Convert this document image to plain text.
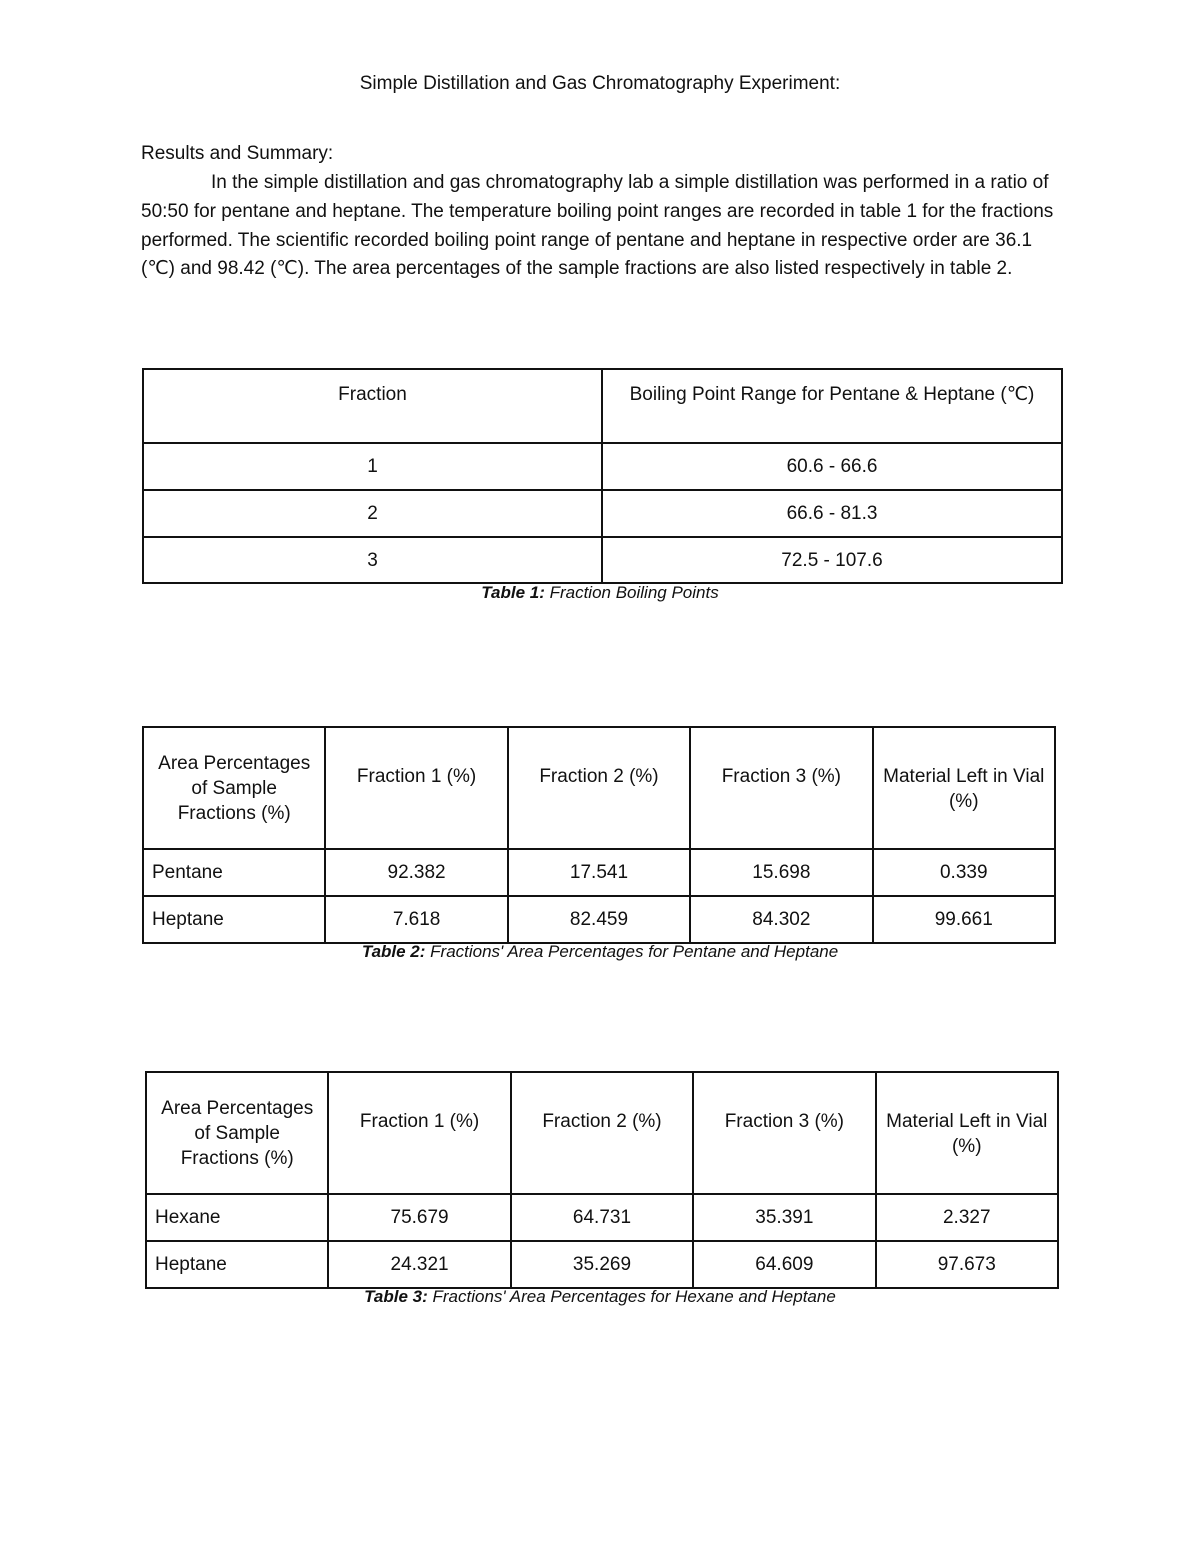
Simple Distillation and Gas Chromatography Experiment:
Results and Summary:

In the simple distillation and gas chromatography lab a simple distillation was performed in a ratio of 50:50 for pentane and heptane. The temperature boiling point ranges are recorded in table 1 for the fractions performed. The scientific recorded boiling point range of pentane and heptane in respective order are 36.1 (℃) and 98.42 (℃). The area percentages of the sample fractions are also listed respectively in table 2.

Fraction	Boiling Point Range for Pentane & Heptane (℃)
1	60.6 - 66.6
2	66.6 - 81.3
3	72.5 - 107.6
Table 1: Fraction Boiling Points
Area Percentages of Sample Fractions (%)	Fraction 1 (%)	Fraction 2 (%)	Fraction 3 (%)	Material Left in Vial (%)
Pentane	92.382	17.541	15.698	0.339
Heptane	7.618	82.459	84.302	99.661
Table 2: Fractions' Area Percentages for Pentane and Heptane
Area Percentages of Sample Fractions (%)	Fraction 1 (%)	Fraction 2 (%)	Fraction 3 (%)	Material Left in Vial (%)
Hexane	75.679	64.731	35.391	2.327
Heptane	24.321	35.269	64.609	97.673
Table 3: Fractions' Area Percentages for Hexane and Heptane
